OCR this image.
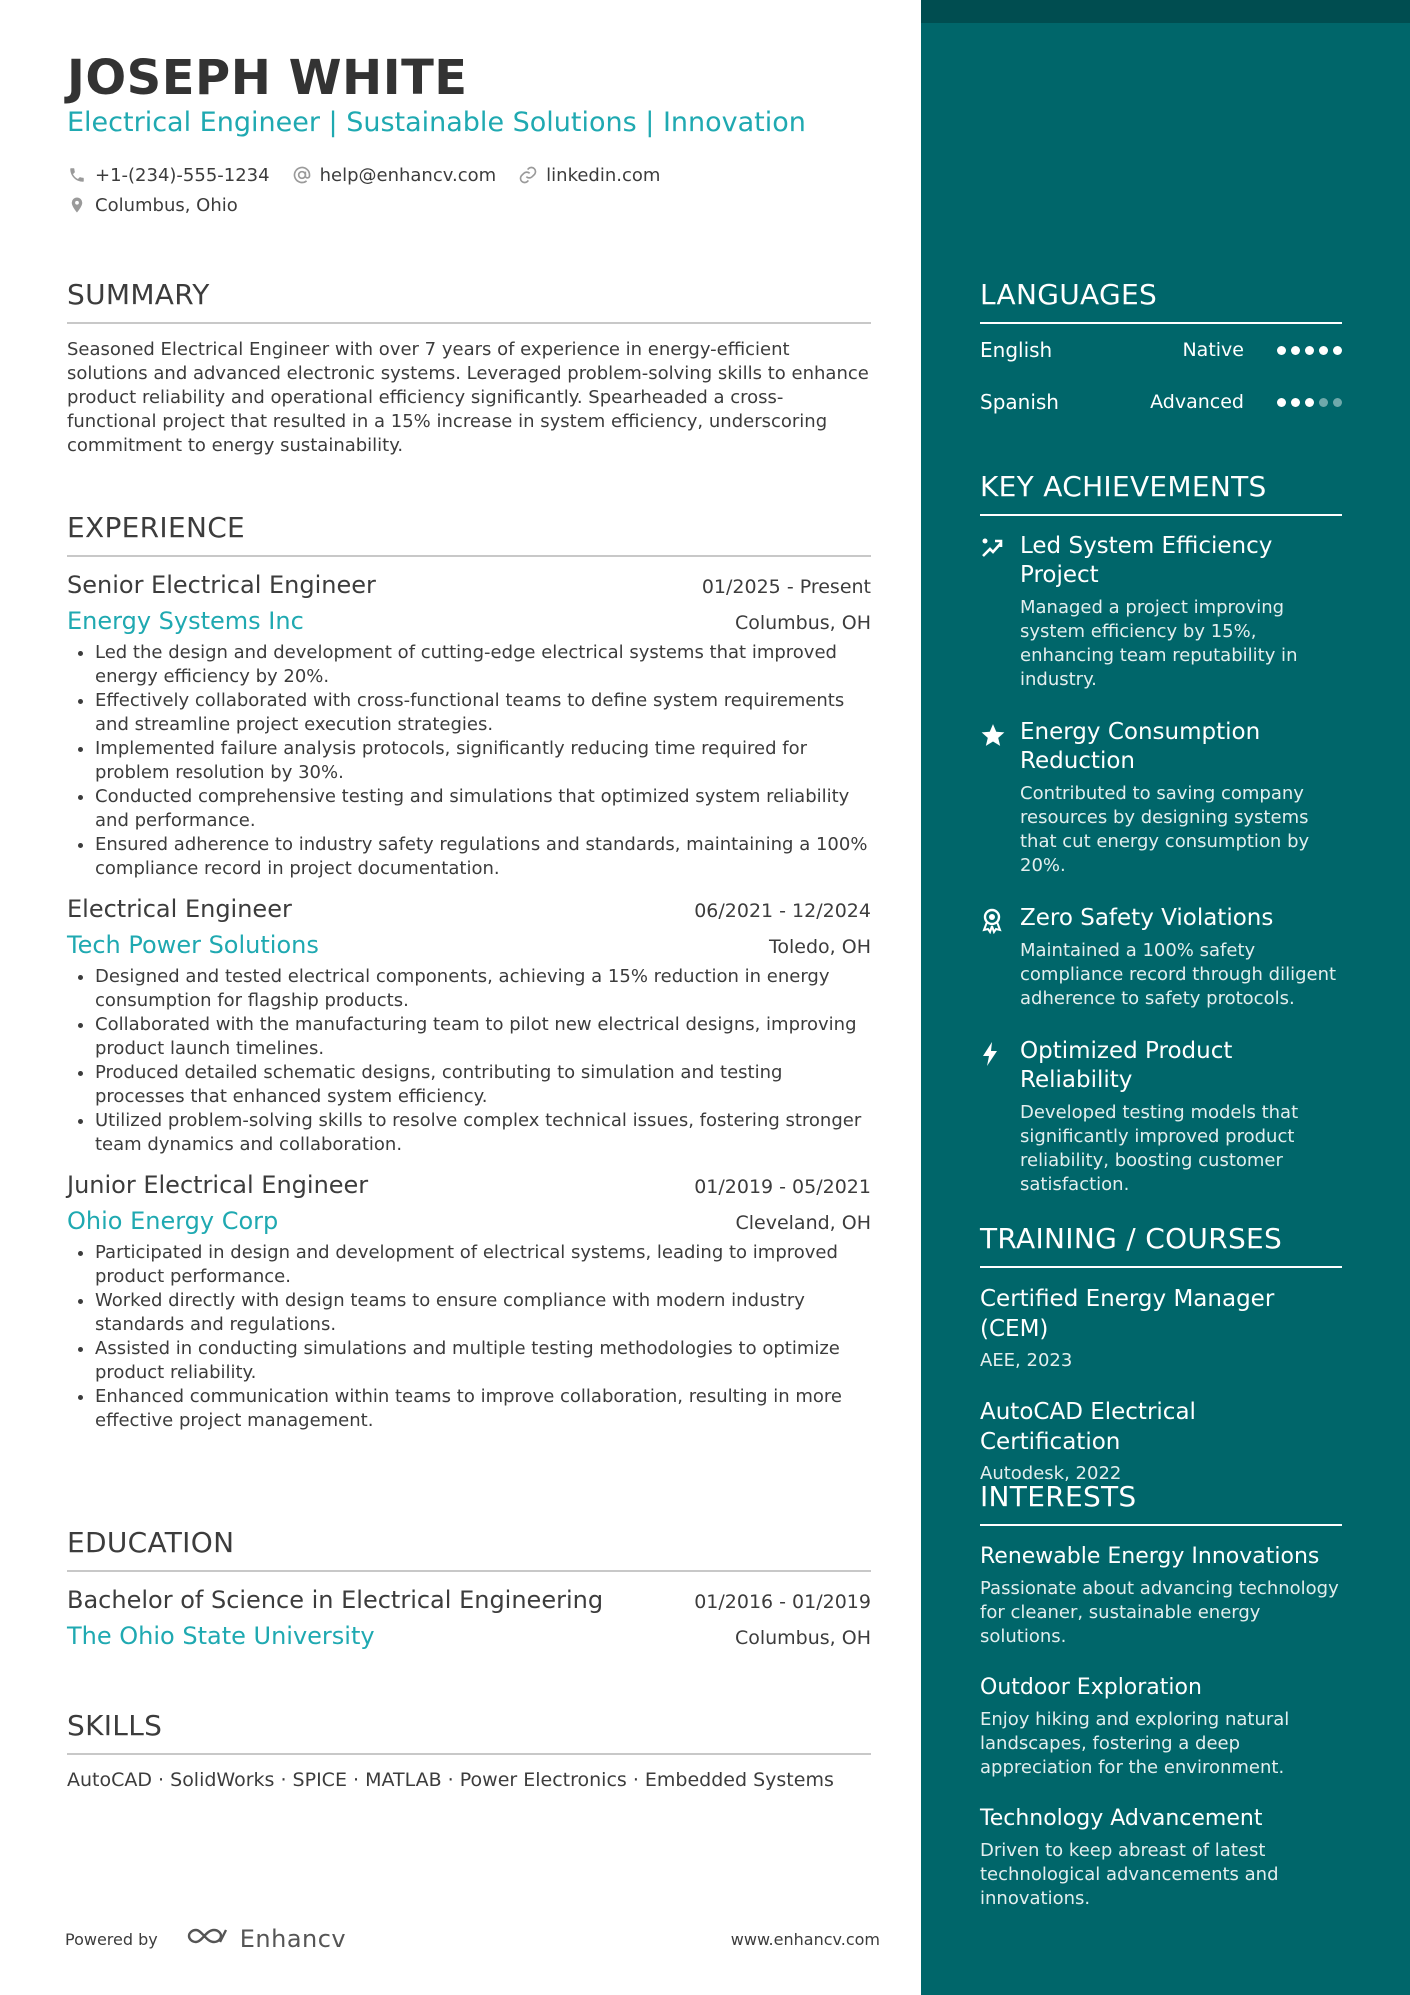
JOSEPH WHITE
Electrical Engineer | Sustainable Solutions | Innovation
+1-(234)-555-1234	help@enhancv.com	linkedin.com
Columbus, Ohio
SUMMARY

Seasoned Electrical Engineer with over 7 years of experience in energy-efficient solutions and advanced electronic systems. Leveraged problem-solving skills to enhance product reliability and operational efficiency significantly. Spearheaded a cross-functional project that resulted in a 15% increase in system efficiency, underscoring commitment to energy sustainability.

EXPERIENCE
Senior Electrical Engineer	01/2025 - Present
Energy Systems Inc	Columbus, OH
• Led the design and development of cutting-edge electrical systems that improved energy efficiency by 20%.
• Effectively collaborated with cross-functional teams to define system requirements and streamline project execution strategies.
• Implemented failure analysis protocols, significantly reducing time required for problem resolution by 30%.
• Conducted comprehensive testing and simulations that optimized system reliability and performance.
• Ensured adherence to industry safety regulations and standards, maintaining a 100% compliance record in project documentation.
Electrical Engineer	06/2021 - 12/2024
Tech Power Solutions	Toledo, OH
• Designed and tested electrical components, achieving a 15% reduction in energy consumption for flagship products.
• Collaborated with the manufacturing team to pilot new electrical designs, improving product launch timelines.
• Produced detailed schematic designs, contributing to simulation and testing processes that enhanced system efficiency.
• Utilized problem-solving skills to resolve complex technical issues, fostering stronger team dynamics and collaboration.
Junior Electrical Engineer	01/2019 - 05/2021
Ohio Energy Corp	Cleveland, OH
• Participated in design and development of electrical systems, leading to improved product performance.
• Worked directly with design teams to ensure compliance with modern industry standards and regulations.
• Assisted in conducting simulations and multiple testing methodologies to optimize product reliability.
• Enhanced communication within teams to improve collaboration, resulting in more effective project management.
EDUCATION
Bachelor of Science in Electrical Engineering	01/2016 - 01/2019
The Ohio State University	Columbus, OH
SKILLS
AutoCAD · SolidWorks · SPICE · MATLAB · Power Electronics · Embedded Systems
Powered by	Enhancv	www.enhancv.com
LANGUAGES
English	Native
Spanish	Advanced
KEY ACHIEVEMENTS
Led System Efficiency Project
Managed a project improving system efficiency by 15%, enhancing team reputability in industry.
Energy Consumption Reduction
Contributed to saving company resources by designing systems that cut energy consumption by 20%.
Zero Safety Violations
Maintained a 100% safety compliance record through diligent adherence to safety protocols.
Optimized Product Reliability
Developed testing models that significantly improved product reliability, boosting customer satisfaction.
TRAINING / COURSES
Certified Energy Manager (CEM)
AEE, 2023
AutoCAD Electrical Certification
Autodesk, 2022
INTERESTS
Renewable Energy Innovations
Passionate about advancing technology for cleaner, sustainable energy solutions.
Outdoor Exploration
Enjoy hiking and exploring natural landscapes, fostering a deep appreciation for the environment.
Technology Advancement
Driven to keep abreast of latest technological advancements and innovations.
